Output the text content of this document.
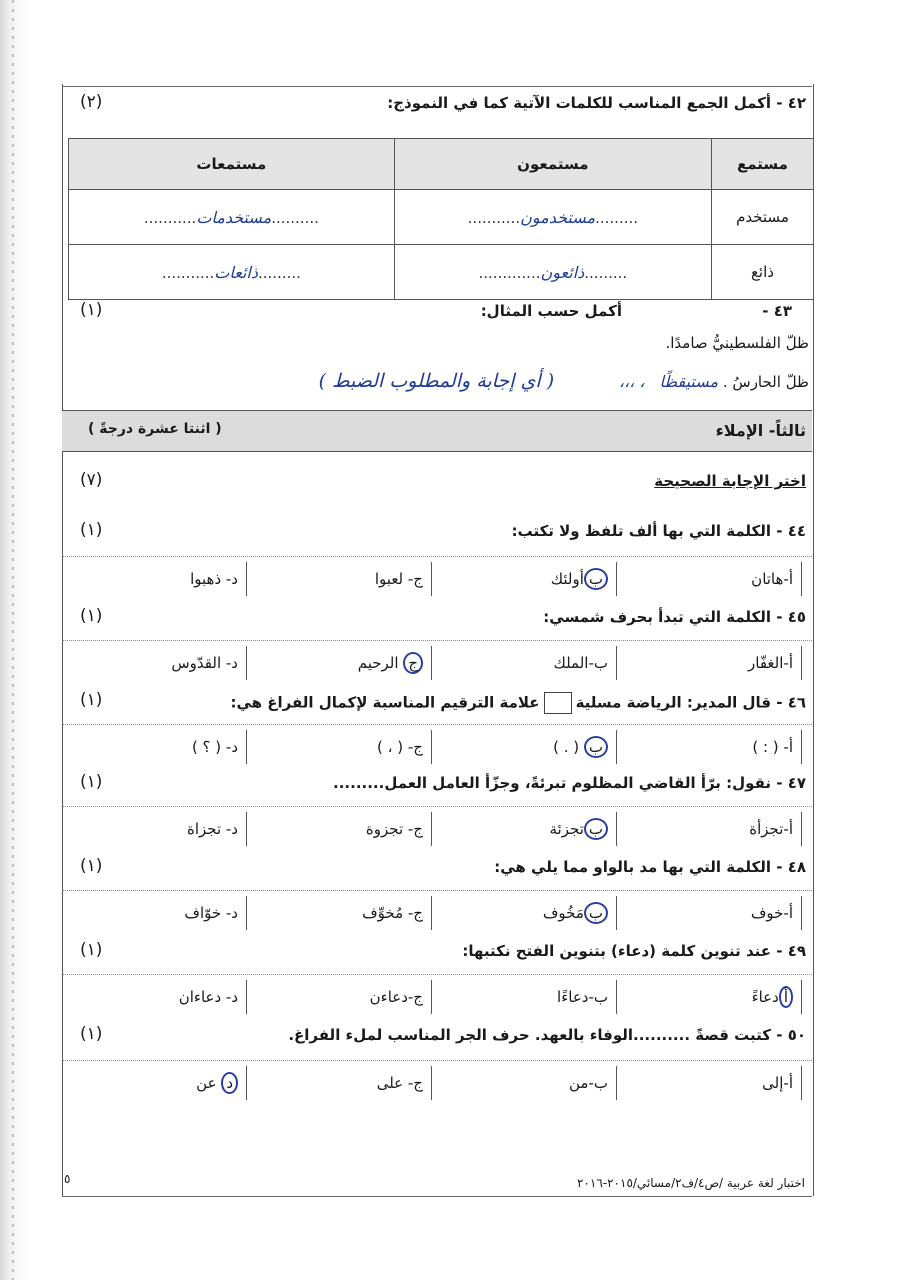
٤٢ - أكمل الجمع المناسب للكلمات الآتية كما في النموذج:
(٢)
مستمع	مستمعون	مستمعات
مستخدم	.........مستخدمون...........	..........مستخدمات...........
ذائع	.........ذائعون.............	.........ذائعات...........
٤٣ -
أكمل حسب المثال:
(١)
ظلّ الفلسطينيُّ صامدًا.
ظلّ الحارسُ . مستيقظًا ، ،،، ( أي إجابة والمطلوب الضبط )
ثالثاً- الإملاء
( اثنتا عشرة درجةً )
اختر الإجابة الصحيحة
(٧)
٤٤ - الكلمة التي بها ألف تلفظ ولا تكتب:
(١)
أ-هاتان
بأولئك
ج- لعبوا
د- ذهبوا
٤٥ - الكلمة التي تبدأ بحرف شمسي:
(١)
أ-الغفّار
ب-الملك
ج الرحيم
د- القدّوس
٤٦ - قال المدير: الرياضة مسليةعلامة الترقيم المناسبة لإكمال الفراغ هي:
(١)
أ- ( : )
ب ( . )
ج- ( ، )
د- ( ؟ )
٤٧ - نقول: برّأ القاضي المظلوم تبرئةً، وجزّأ العامل العمل.........
(١)
أ-تجزأة
بتجزئة
ج- تجزوة
د- تجزاة
٤٨ - الكلمة التي بها مد بالواو مما يلي هي:
(١)
أ-خوف
بمَخُوف
ج- مُخوِّف
د- خوّاف
٤٩ - عند تنوين كلمة (دعاء) بتنوين الفتح نكتبها:
(١)
أدعاءً
ب-دعاءًا
ج-دعاءن
د- دعاءان
٥٠ - كتبت قصةً ..........الوفاء بالعهد. حرف الجر المناسب لملء الفراغ.
(١)
أ-إلى
ب-من
ج- على
د عن
اختبار لغة عربية /ص٤/ف٢/مسائي/٢٠١٥-٢٠١٦
٥
